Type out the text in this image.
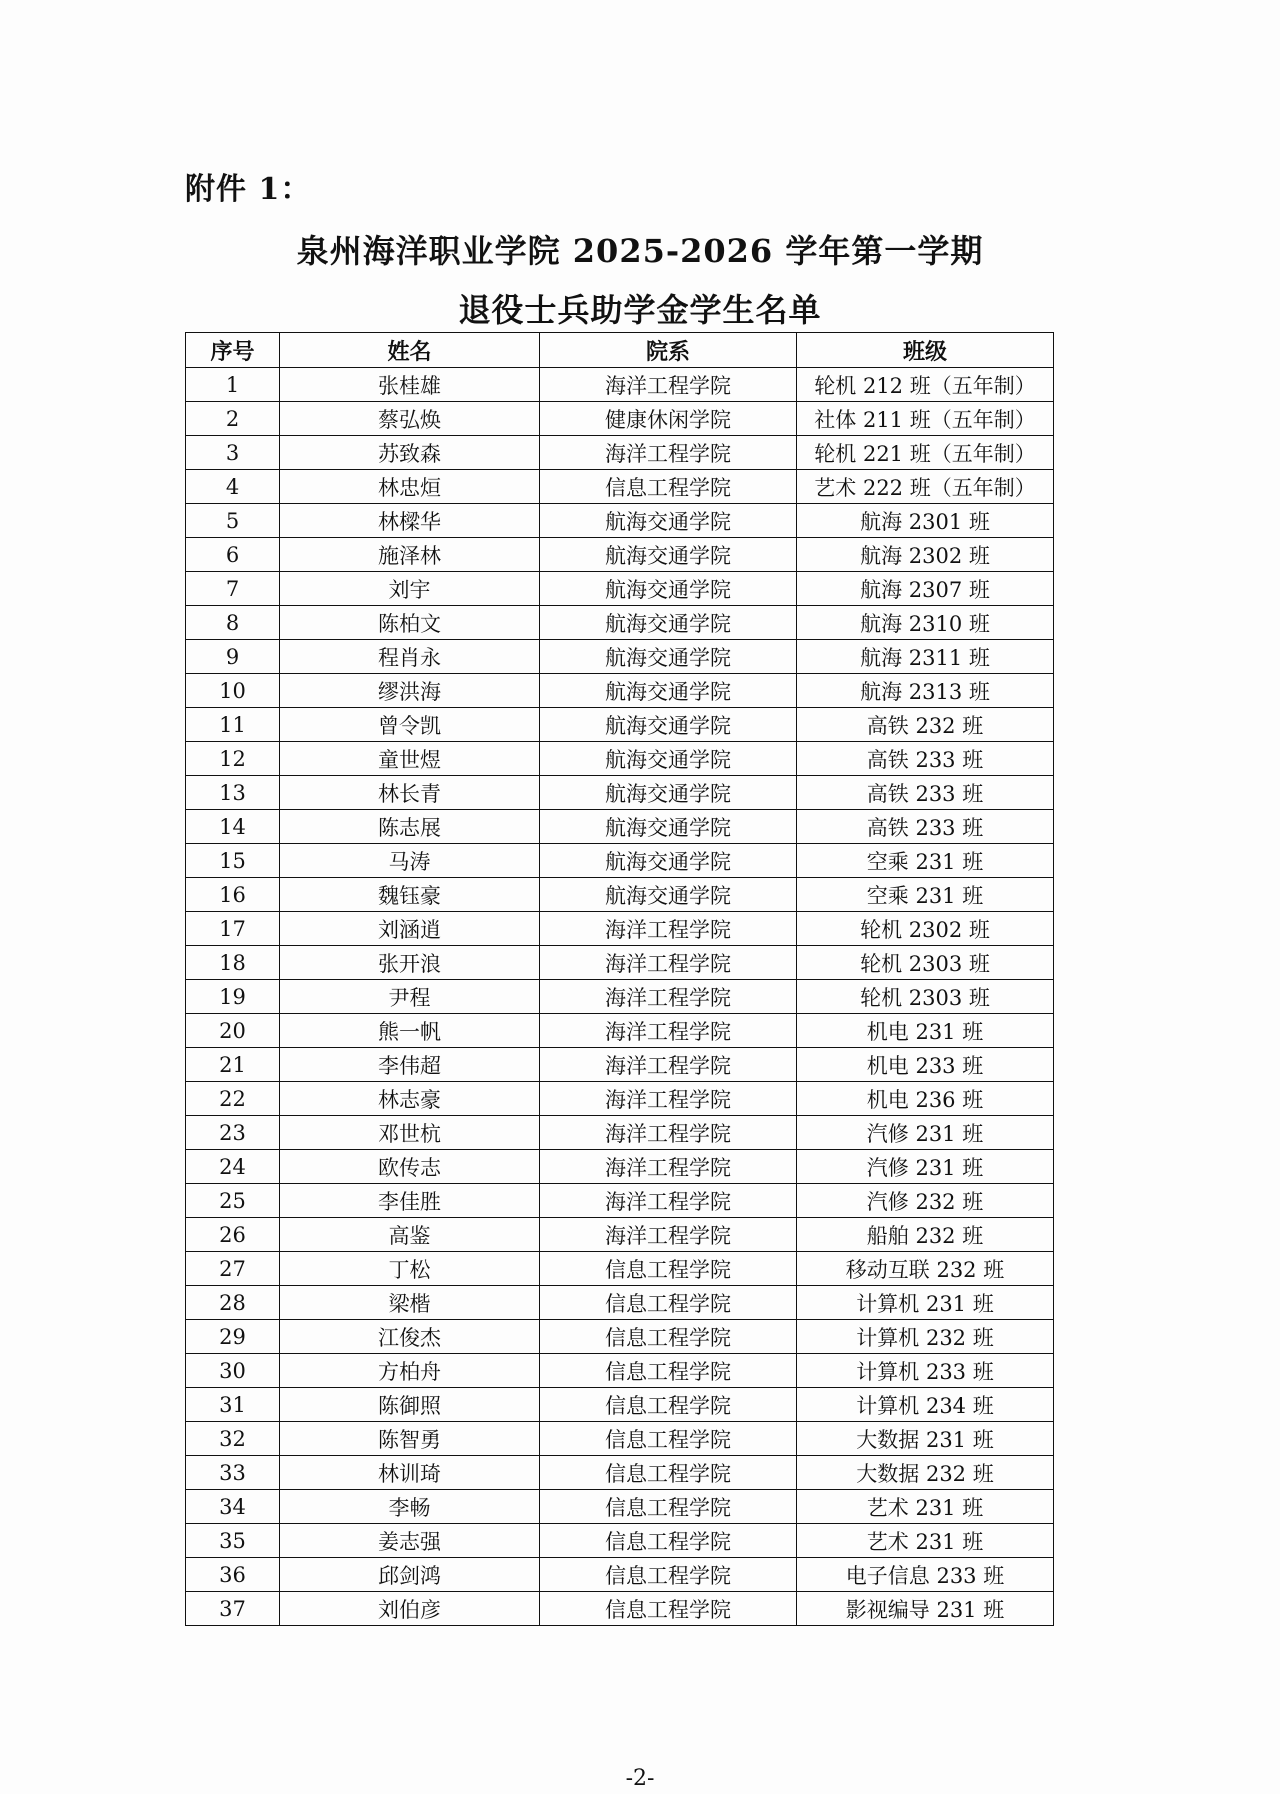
附件 1：

泉州海洋职业学院 2025-2026 学年第一学期
退役士兵助学金学生名单
序号	姓名	院系	班级
1	张桂雄	海洋工程学院	轮机 212 班（五年制）
2	蔡弘焕	健康休闲学院	社体 211 班（五年制）
3	苏致森	海洋工程学院	轮机 221 班（五年制）
4	林忠烜	信息工程学院	艺术 222 班（五年制）
5	林樑华	航海交通学院	航海 2301 班
6	施泽林	航海交通学院	航海 2302 班
7	刘宇	航海交通学院	航海 2307 班
8	陈柏文	航海交通学院	航海 2310 班
9	程肖永	航海交通学院	航海 2311 班
10	缪洪海	航海交通学院	航海 2313 班
11	曾令凯	航海交通学院	高铁 232 班
12	童世煜	航海交通学院	高铁 233 班
13	林长青	航海交通学院	高铁 233 班
14	陈志展	航海交通学院	高铁 233 班
15	马涛	航海交通学院	空乘 231 班
16	魏钰豪	航海交通学院	空乘 231 班
17	刘涵逍	海洋工程学院	轮机 2302 班
18	张开浪	海洋工程学院	轮机 2303 班
19	尹程	海洋工程学院	轮机 2303 班
20	熊一帆	海洋工程学院	机电 231 班
21	李伟超	海洋工程学院	机电 233 班
22	林志豪	海洋工程学院	机电 236 班
23	邓世杭	海洋工程学院	汽修 231 班
24	欧传志	海洋工程学院	汽修 231 班
25	李佳胜	海洋工程学院	汽修 232 班
26	高鉴	海洋工程学院	船舶 232 班
27	丁松	信息工程学院	移动互联 232 班
28	梁楷	信息工程学院	计算机 231 班
29	江俊杰	信息工程学院	计算机 232 班
30	方柏舟	信息工程学院	计算机 233 班
31	陈御照	信息工程学院	计算机 234 班
32	陈智勇	信息工程学院	大数据 231 班
33	林训琦	信息工程学院	大数据 232 班
34	李畅	信息工程学院	艺术 231 班
35	姜志强	信息工程学院	艺术 231 班
36	邱剑鸿	信息工程学院	电子信息 233 班
37	刘伯彦	信息工程学院	影视编导 231 班
-2-
